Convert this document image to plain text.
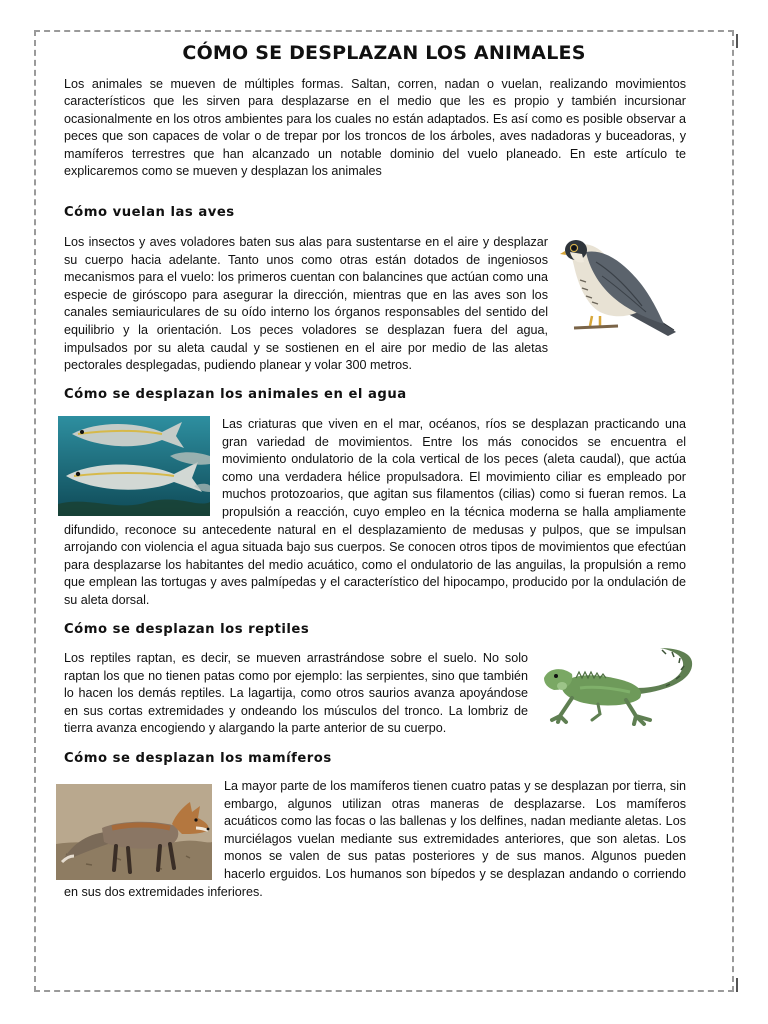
CÓMO SE DESPLAZAN LOS ANIMALES

Los animales se mueven de múltiples formas. Saltan, corren, nadan o vuelan, realizando movimientos característicos que les sirven para desplazarse en el medio que les es propio y también incursionar ocasionalmente en los otros ambientes para los cuales no están adaptados. Es así como es posible observar a peces que son capaces de volar o de trepar por los troncos de los árboles, aves nadadoras y buceadoras, y mamíferos terrestres que han alcanzado un notable dominio del vuelo planeado. En este artículo te explicaremos como se mueven y desplazan los animales

Cómo vuelan las aves

Los insectos y aves voladores baten sus alas para sustentarse en el aire y desplazar su cuerpo hacia adelante. Tanto unos como otras están dotados de ingeniosos mecanismos para el vuelo: los primeros cuentan con balancines que actúan como una especie de giróscopo para asegurar la dirección, mientras que en las aves son los canales semiauriculares de su oído interno los órganos responsables del sentido del equilibrio y la orientación. Los peces voladores se desplazan fuera del agua, impulsados por su aleta caudal y se sostienen en el aire por medio de las aletas pectorales desplegadas, pudiendo planear y volar 300 metros.

Cómo se desplazan los animales en el agua

Las criaturas que viven en el mar, océanos, ríos se desplazan practicando una gran variedad de movimientos. Entre los más conocidos se encuentra el movimiento ondulatorio de la cola vertical de los peces (aleta caudal), que actúa como una verdadera hélice propulsadora. El movimiento ciliar es empleado por muchos protozoarios, que agitan sus filamentos (cilias) como si fueran remos. La propulsión a reacción, cuyo empleo en la técnica moderna se halla ampliamente difundido, reconoce su antecedente natural en el desplazamiento de medusas y pulpos, que se impulsan arrojando con violencia el agua situada bajo sus cuerpos. Se conocen otros tipos de movimientos que efectúan para desplazarse los habitantes del medio acuático, como el ondulatorio de las anguilas, la propulsión a remo que emplean las tortugas y aves palmípedas y el característico del hipocampo, producido por la ondulación de su aleta dorsal.

Cómo se desplazan los reptiles

Los reptiles raptan, es decir, se mueven arrastrándose sobre el suelo. No solo raptan los que no tienen patas como por ejemplo: las serpientes, sino que también lo hacen los demás reptiles. La lagartija, como otros saurios avanza apoyándose en sus cortas extremidades y ondeando los músculos del tronco. La lombriz de tierra avanza encogiendo y alargando la parte anterior de su cuerpo.

Cómo se desplazan los mamíferos

La mayor parte de los mamíferos tienen cuatro patas y se desplazan por tierra, sin embargo, algunos utilizan otras maneras de desplazarse. Los mamíferos acuáticos como las focas o las ballenas y los delfines, nadan mediante aletas. Los murciélagos vuelan mediante sus extremidades anteriores, que son aletas. Los monos se valen de sus patas posteriores y de sus manos. Algunos pueden hacerlo erguidos. Los humanos son bípedos y se desplazan andando o corriendo en sus dos extremidades inferiores.
